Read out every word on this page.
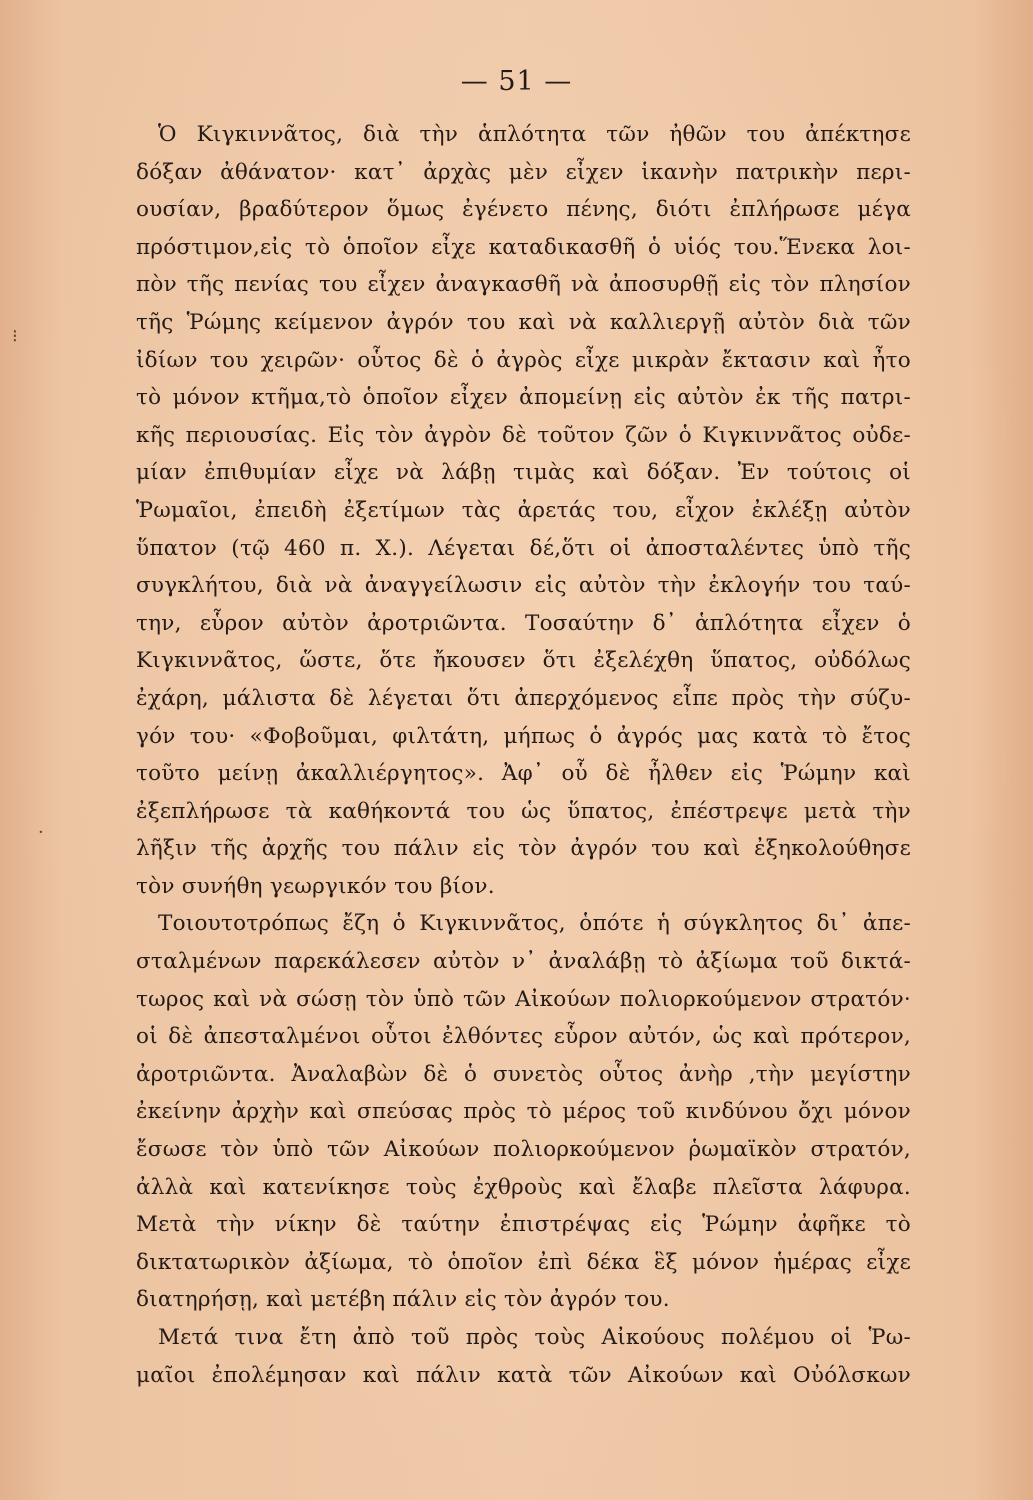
— 51 —
Ὁ Κιγκιννᾶτος, διὰ τὴν ἁπλότητα τῶν ἠθῶν του ἀπέκτησε
δόξαν ἀθάνατον· κατ᾽ ἀρχὰς μὲν εἶχεν ἱκανὴν πατρικὴν περι-
ουσίαν, βραδύτερον ὅμως ἐγένετο πένης, διότι ἐπλήρωσε μέγα
πρόστιμον,εἰς τὸ ὁποῖον εἶχε καταδικασθῆ ὁ υἱός του.Ἕνεκα λοι-
πὸν τῆς πενίας του εἶχεν ἀναγκασθῆ νὰ ἀποσυρθῇ εἰς τὸν πλησίον
τῆς Ῥώμης κείμενον ἀγρόν του καὶ νὰ καλλιεργῇ αὐτὸν διὰ τῶν
ἰδίων του χειρῶν· οὗτος δὲ ὁ ἀγρὸς εἶχε μικρὰν ἔκτασιν καὶ ἦτο
τὸ μόνον κτῆμα,τὸ ὁποῖον εἶχεν ἀπομείνῃ εἰς αὐτὸν ἐκ τῆς πατρι-
κῆς περιουσίας. Εἰς τὸν ἀγρὸν δὲ τοῦτον ζῶν ὁ Κιγκιννᾶτος οὐδε-
μίαν ἐπιθυμίαν εἶχε νὰ λάβῃ τιμὰς καὶ δόξαν. Ἐν τούτοις οἱ
Ῥωμαῖοι, ἐπειδὴ ἐξετίμων τὰς ἀρετάς του, εἶχον ἐκλέξῃ αὐτὸν
ὕπατον (τῷ 460 π. Χ.). Λέγεται δέ,ὅτι οἱ ἀποσταλέντες ὑπὸ τῆς
συγκλήτου, διὰ νὰ ἀναγγείλωσιν εἰς αὐτὸν τὴν ἐκλογήν του ταύ-
την, εὗρον αὐτὸν ἀροτριῶντα. Τοσαύτην δ᾽ ἁπλότητα εἶχεν ὁ
Κιγκιννᾶτος, ὥστε, ὅτε ἤκουσεν ὅτι ἐξελέχθη ὕπατος, οὐδόλως
ἐχάρη, μάλιστα δὲ λέγεται ὅτι ἀπερχόμενος εἶπε πρὸς τὴν σύζυ-
γόν του· «Φοβοῦμαι, φιλτάτη, μήπως ὁ ἀγρός μας κατὰ τὸ ἔτος
τοῦτο μείνῃ ἀκαλλιέργητος». Ἀφ᾽ οὗ δὲ ἦλθεν εἰς Ῥώμην καὶ
ἐξεπλήρωσε τὰ καθήκοντά του ὡς ὕπατος, ἐπέστρεψε μετὰ τὴν
λῆξιν τῆς ἀρχῆς του πάλιν εἰς τὸν ἀγρόν του καὶ ἐξηκολούθησε
τὸν συνήθη γεωργικόν του βίον.
Τοιουτοτρόπως ἔζη ὁ Κιγκιννᾶτος, ὁπότε ἡ σύγκλητος δι᾽ ἀπε-
σταλμένων παρεκάλεσεν αὐτὸν ν᾽ ἀναλάβῃ τὸ ἀξίωμα τοῦ δικτά-
τωρος καὶ νὰ σώσῃ τὸν ὑπὸ τῶν Αἰκούων πολιορκούμενον στρατόν·
οἱ δὲ ἀπεσταλμένοι οὗτοι ἐλθόντες εὗρον αὐτόν, ὡς καὶ πρότερον,
ἀροτριῶντα. Ἀναλαβὼν δὲ ὁ συνετὸς οὗτος ἀνὴρ ,τὴν μεγίστην
ἐκείνην ἀρχὴν καὶ σπεύσας πρὸς τὸ μέρος τοῦ κινδύνου ὄχι μόνον
ἔσωσε τὸν ὑπὸ τῶν Αἰκούων πολιορκούμενον ῥωμαϊκὸν στρατόν,
ἀλλὰ καὶ κατενίκησε τοὺς ἐχθροὺς καὶ ἔλαβε πλεῖστα λάφυρα.
Μετὰ τὴν νίκην δὲ ταύτην ἐπιστρέψας εἰς Ῥώμην ἀφῆκε τὸ
δικτατωρικὸν ἀξίωμα, τὸ ὁποῖον ἐπὶ δέκα ἓξ μόνον ἡμέρας εἶχε
διατηρήσῃ, καὶ μετέβη πάλιν εἰς τὸν ἀγρόν του.
Μετά τινα ἔτη ἀπὸ τοῦ πρὸς τοὺς Αἰκούους πολέμου οἱ Ῥω-
μαῖοι ἐπολέμησαν καὶ πάλιν κατὰ τῶν Αἰκούων καὶ Οὐόλσκων
⁝
·
